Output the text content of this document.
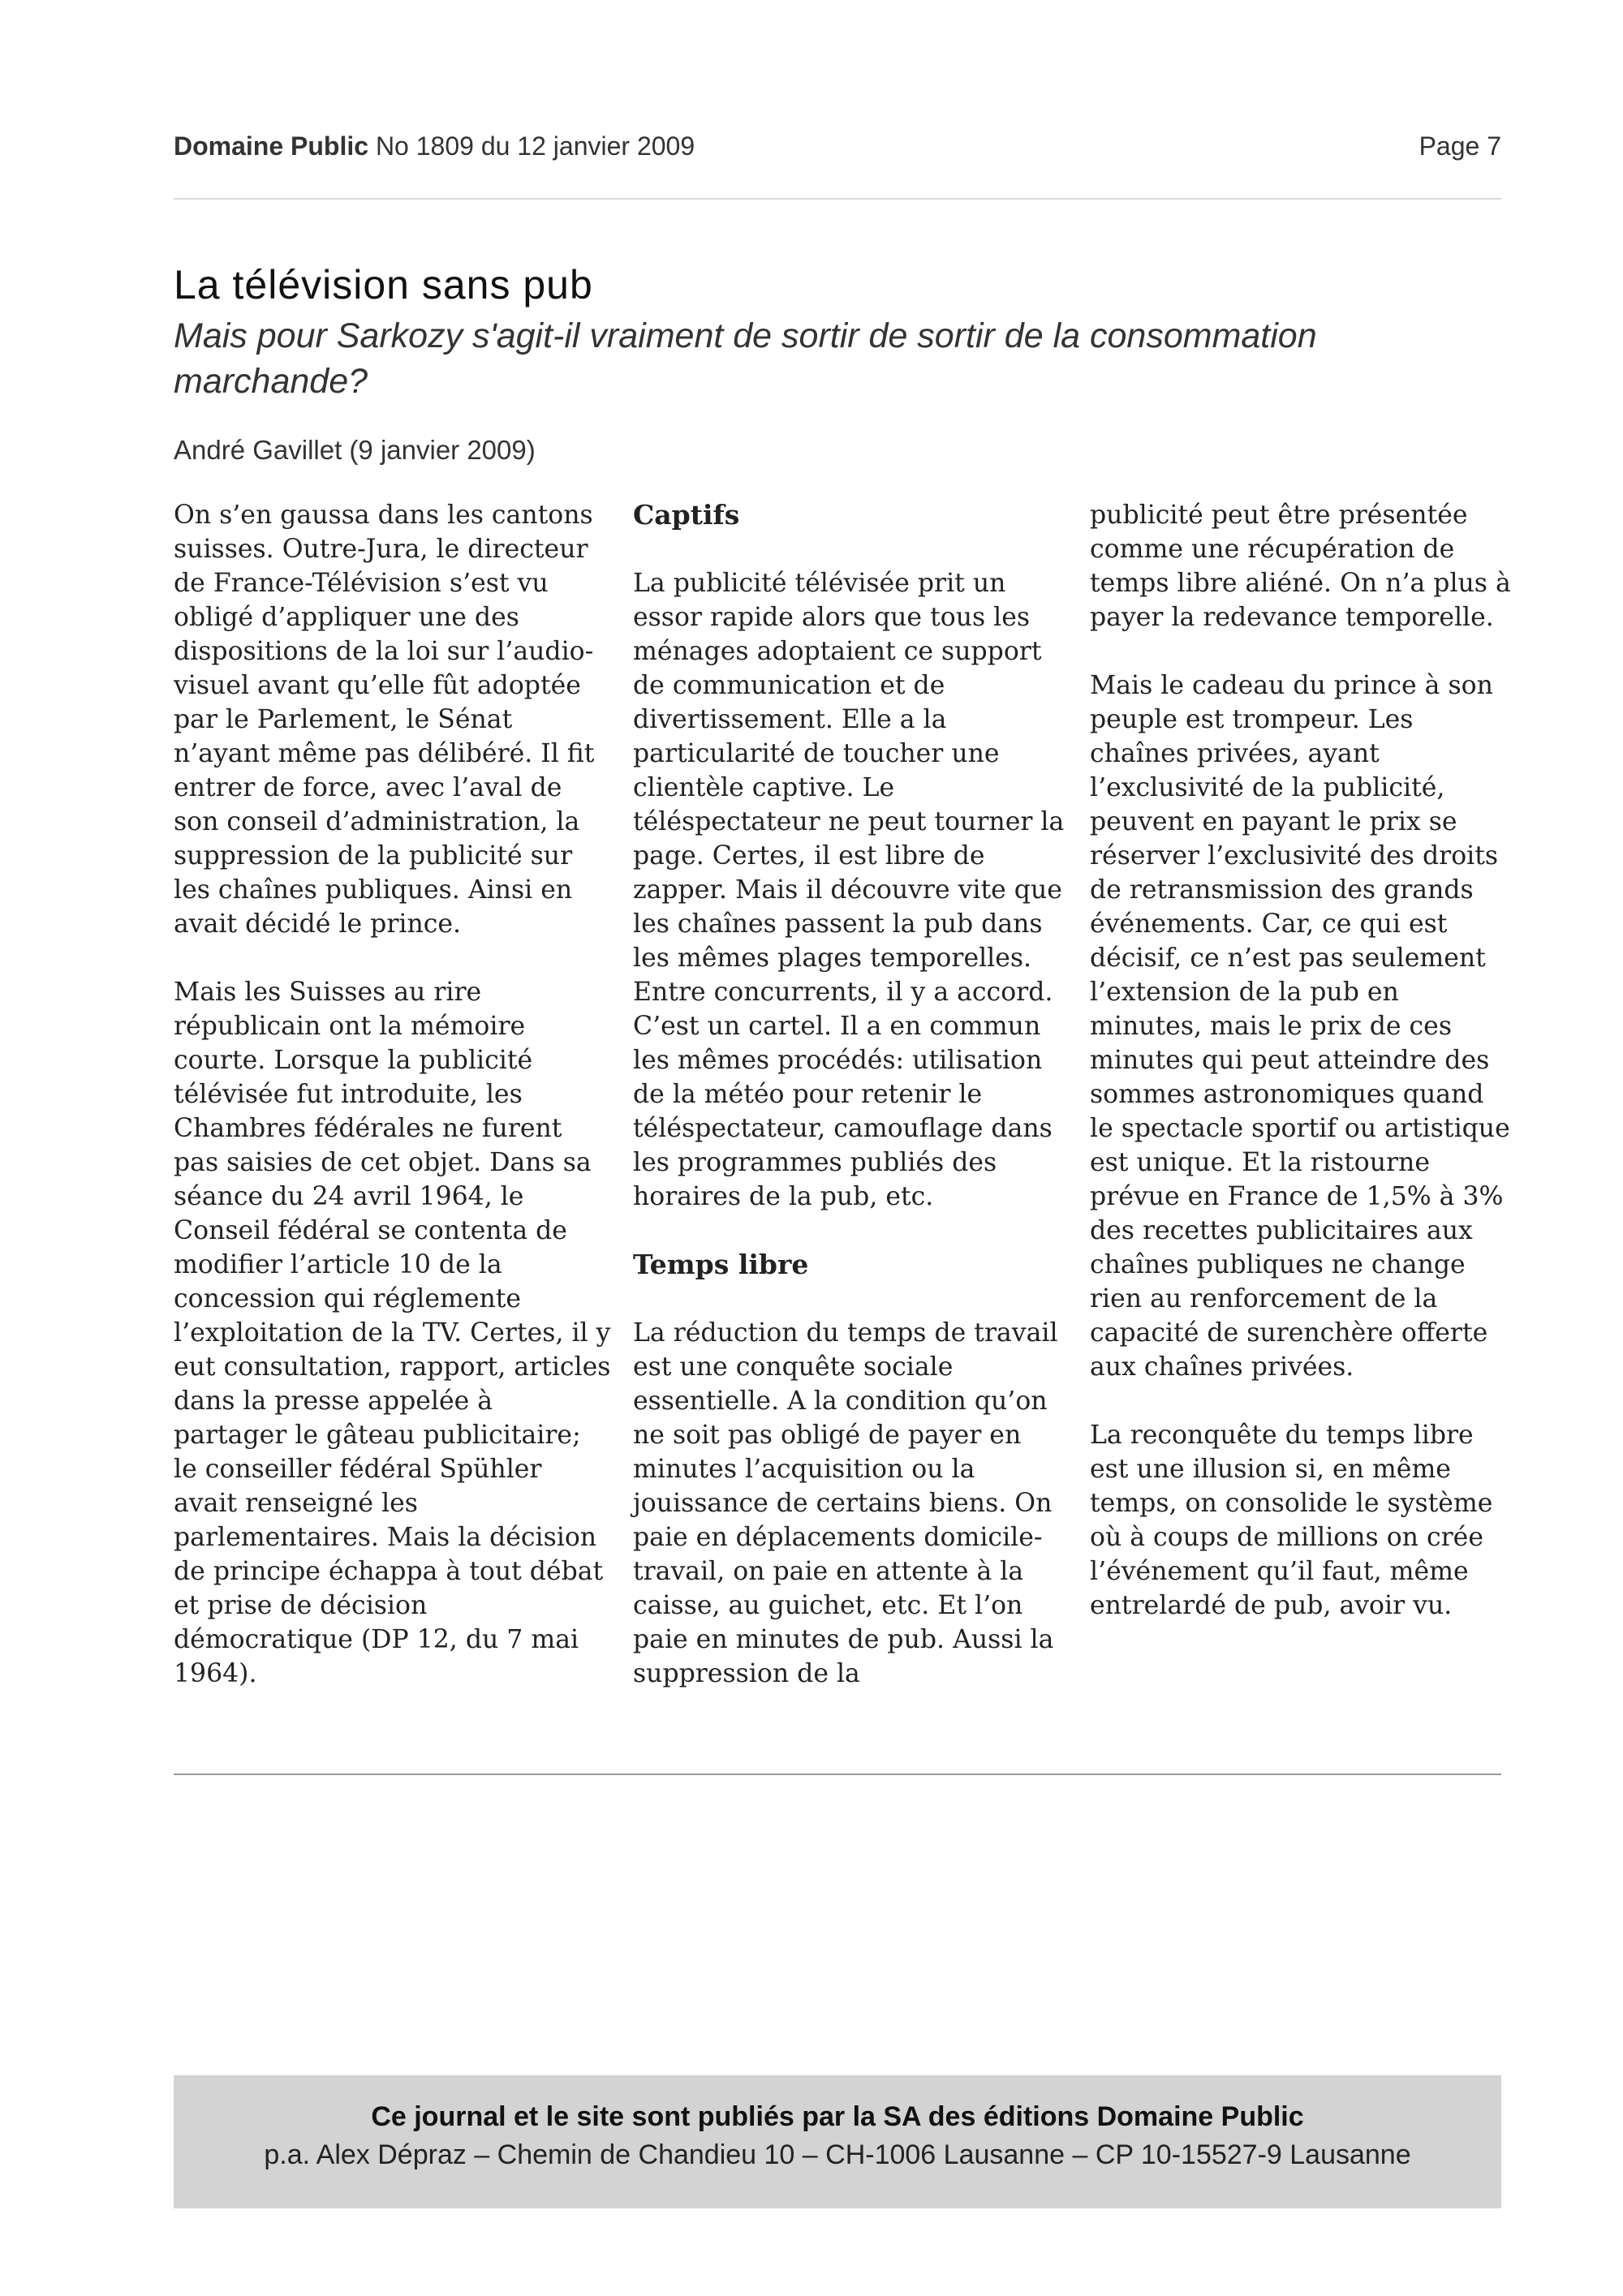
Domaine Public No 1809 du 12 janvier 2009	Page 7
La télévision sans pub

Mais pour Sarkozy s'agit-il vraiment de sortir de sortir de la consommation marchande?

André Gavillet (9 janvier 2009)

On s’en gaussa dans les cantons suisses. Outre-Jura, le directeur de France-Télévision s’est vu obligé d’appliquer une des dispositions de la loi sur l’audio-visuel avant qu’elle fût adoptée par le Parlement, le Sénat n’ayant même pas délibéré. Il fit entrer de force, avec l’aval de son conseil d’administration, la suppression de la publicité sur les chaînes publiques. Ainsi en avait décidé le prince.

Mais les Suisses au rire républicain ont la mémoire courte. Lorsque la publicité télévisée fut introduite, les Chambres fédérales ne furent pas saisies de cet objet. Dans sa séance du 24 avril 1964, le Conseil fédéral se contenta de modifier l’article 10 de la concession qui réglemente l’exploitation de la TV. Certes, il y eut consultation, rapport, articles dans la presse appelée à partager le gâteau publicitaire; le conseiller fédéral Spühler avait renseigné les parlementaires. Mais la décision de principe échappa à tout débat et prise de décision démocratique (DP 12, du 7 mai 1964).

Captifs

La publicité télévisée prit un essor rapide alors que tous les ménages adoptaient ce support de communication et de divertissement. Elle a la particularité de toucher une clientèle captive. Le téléspectateur ne peut tourner la page. Certes, il est libre de zapper. Mais il découvre vite que les chaînes passent la pub dans les mêmes plages temporelles. Entre concurrents, il y a accord. C’est un cartel. Il a en commun les mêmes procédés: utilisation de la météo pour retenir le téléspectateur, camouflage dans les programmes publiés des horaires de la pub, etc.

Temps libre

La réduction du temps de travail est une conquête sociale essentielle. A la condition qu’on ne soit pas obligé de payer en minutes l’acquisition ou la jouissance de certains biens. On paie en déplacements domicile-travail, on paie en attente à la caisse, au guichet, etc. Et l’on paie en minutes de pub. Aussi la suppression de la

publicité peut être présentée comme une récupération de temps libre aliéné. On n’a plus à payer la redevance temporelle.

Mais le cadeau du prince à son peuple est trompeur. Les chaînes privées, ayant l’exclusivité de la publicité, peuvent en payant le prix se réserver l’exclusivité des droits de retransmission des grands événements. Car, ce qui est décisif, ce n’est pas seulement l’extension de la pub en minutes, mais le prix de ces minutes qui peut atteindre des sommes astronomiques quand le spectacle sportif ou artistique est unique. Et la ristourne prévue en France de 1,5% à 3% des recettes publicitaires aux chaînes publiques ne change rien au renforcement de la capacité de surenchère offerte aux chaînes privées.

La reconquête du temps libre est une illusion si, en même temps, on consolide le système où à coups de millions on crée l’événement qu’il faut, même entrelardé de pub, avoir vu.

Ce journal et le site sont publiés par la SA des éditions Domaine Public
p.a. Alex Dépraz – Chemin de Chandieu 10 – CH-1006 Lausanne – CP 10-15527-9 Lausanne
